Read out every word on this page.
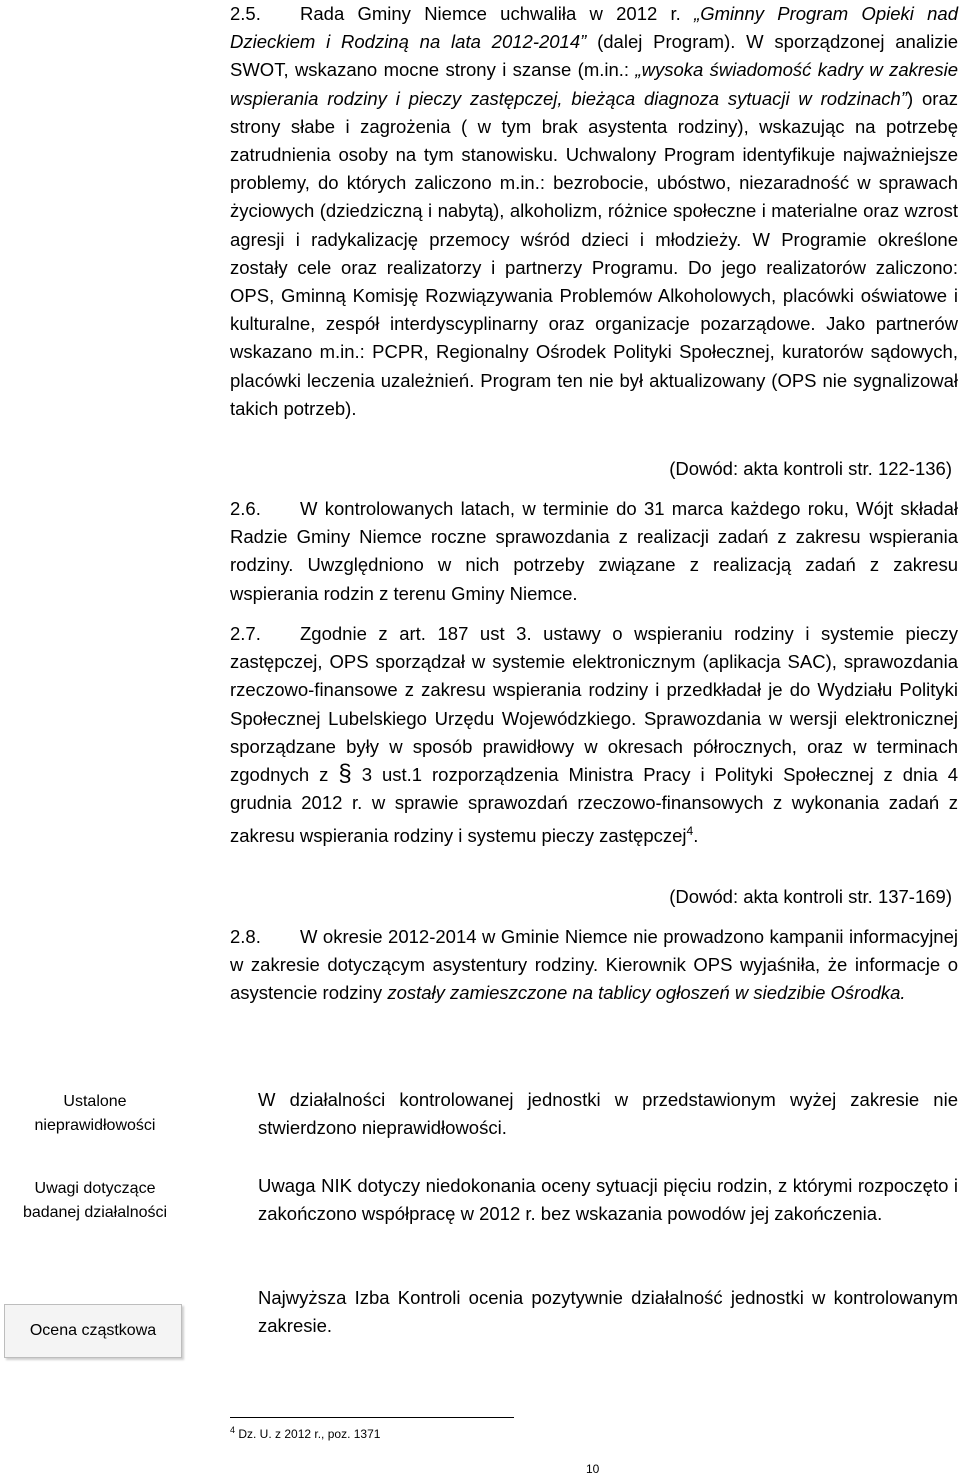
2.5. Rada Gminy Niemce uchwaliła w 2012 r. „Gminny Program Opieki nad Dzieckiem i Rodziną na lata 2012-2014” (dalej Program). W sporządzonej analizie SWOT, wskazano mocne strony i szanse (m.in.: „wysoka świadomość kadry w zakresie wspierania rodziny i pieczy zastępczej, bieżąca diagnoza sytuacji w rodzinach”) oraz strony słabe i zagrożenia ( w tym brak asystenta rodziny), wskazując na potrzebę zatrudnienia osoby na tym stanowisku. Uchwalony Program identyfikuje najważniejsze problemy, do których zaliczono m.in.: bezrobocie, ubóstwo, niezaradność w sprawach życiowych (dziedziczną i nabytą), alkoholizm, różnice społeczne i materialne oraz wzrost agresji i radykalizację przemocy wśród dzieci i młodzieży. W Programie określone zostały cele oraz realizatorzy i partnerzy Programu. Do jego realizatorów zaliczono: OPS, Gminną Komisję Rozwiązywania Problemów Alkoholowych, placówki oświatowe i kulturalne, zespół interdyscyplinarny oraz organizacje pozarządowe. Jako partnerów wskazano m.in.: PCPR, Regionalny Ośrodek Polityki Społecznej, kuratorów sądowych, placówki leczenia uzależnień. Program ten nie był aktualizowany (OPS nie sygnalizował takich potrzeb).
(Dowód: akta kontroli str. 122-136)
2.6. W kontrolowanych latach, w terminie do 31 marca każdego roku, Wójt składał Radzie Gminy Niemce roczne sprawozdania z realizacji zadań z zakresu wspierania rodziny. Uwzględniono w nich potrzeby związane z realizacją zadań z zakresu wspierania rodzin z terenu Gminy Niemce.
2.7. Zgodnie z art. 187 ust 3. ustawy o wspieraniu rodziny i systemie pieczy zastępczej, OPS sporządzał w systemie elektronicznym (aplikacja SAC), sprawozdania rzeczowo-finansowe z zakresu wspierania rodziny i przedkładał je do Wydziału Polityki Społecznej Lubelskiego Urzędu Wojewódzkiego. Sprawozdania w wersji elektronicznej sporządzane były w sposób prawidłowy w okresach półrocznych, oraz w terminach zgodnych z § 3 ust.1 rozporządzenia Ministra Pracy i Polityki Społecznej z dnia 4 grudnia 2012 r. w sprawie sprawozdań rzeczowo-finansowych z wykonania zadań z zakresu wspierania rodziny i systemu pieczy zastępczej$^4$.
(Dowód: akta kontroli str. 137-169)
2.8. W okresie 2012-2014 w Gminie Niemce nie prowadzono kampanii informacyjnej w zakresie dotyczącym asystentury rodziny. Kierownik OPS wyjaśniła, że informacje o asystencie rodziny zostały zamieszczone na tablicy ogłoszeń w siedzibie Ośrodka.
Ustalone nieprawidłowości
Uwagi dotyczące badanej działalności
Ocena cząstkowa
W działalności kontrolowanej jednostki w przedstawionym wyżej zakresie nie stwierdzono nieprawidłowości.
Uwaga NIK dotyczy niedokonania oceny sytuacji pięciu rodzin, z którymi rozpoczęto i zakończono współpracę w 2012 r. bez wskazania powodów jej zakończenia.
Najwyższa Izba Kontroli ocenia pozytywnie działalność jednostki w kontrolowanym zakresie.
$^4$ Dz. U. z 2012 r., poz. 1371
10
